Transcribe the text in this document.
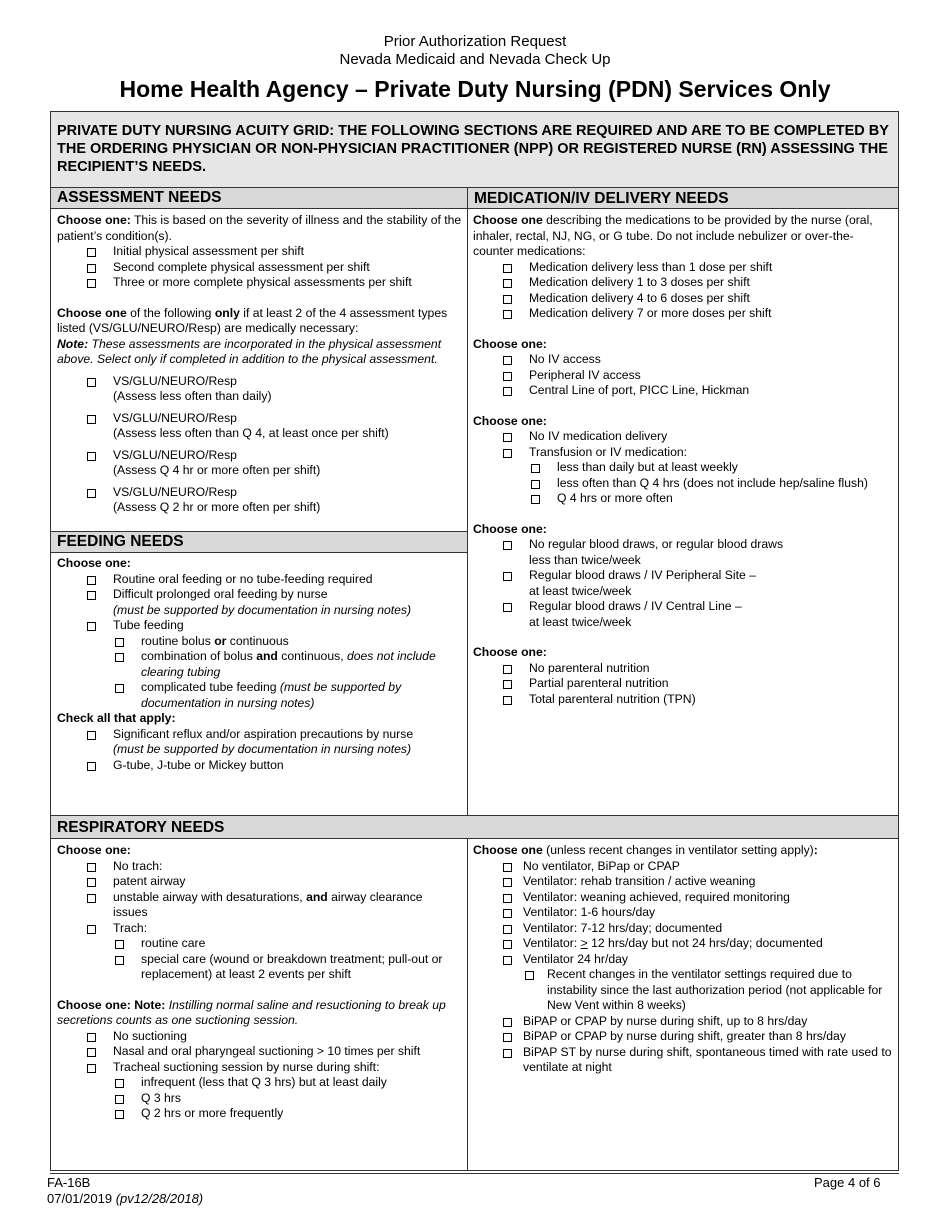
Prior Authorization Request
Nevada Medicaid and Nevada Check Up
Home Health Agency – Private Duty Nursing (PDN) Services Only
PRIVATE DUTY NURSING ACUITY GRID: THE FOLLOWING SECTIONS ARE REQUIRED AND ARE TO BE COMPLETED BY THE ORDERING PHYSICIAN OR NON-PHYSICIAN PRACTITIONER (NPP) OR REGISTERED NURSE (RN) ASSESSING THE RECIPIENT’S NEEDS.
ASSESSMENT NEEDS	MEDICATION/IV DELIVERY NEEDS
FEEDING NEEDS
RESPIRATORY NEEDS
Choose one: This is based on the severity of illness and the stability of the patient’s condition(s).
Initial physical assessment per shift
Second complete physical assessment per shift
Three or more complete physical assessments per shift
Choose one of the following only if at least 2 of the 4 assessment types listed (VS/GLU/NEURO/Resp) are medically necessary:
Note: These assessments are incorporated in the physical assessment above. Select only if completed in addition to the physical assessment.
VS/GLU/NEURO/Resp
(Assess less often than daily)
VS/GLU/NEURO/Resp
(Assess less often than Q 4, at least once per shift)
VS/GLU/NEURO/Resp
(Assess Q 4 hr or more often per shift)
VS/GLU/NEURO/Resp
(Assess Q 2 hr or more often per shift)
Choose one:
Routine oral feeding or no tube-feeding required
Difficult prolonged oral feeding by nurse
(must be supported by documentation in nursing notes)
Tube feeding
routine bolus or continuous
combination of bolus and continuous, does not include clearing tubing
complicated tube feeding (must be supported by documentation in nursing notes)
Check all that apply:
Significant reflux and/or aspiration precautions by nurse
(must be supported by documentation in nursing notes)
G-tube, J-tube or Mickey button
Choose one describing the medications to be provided by the nurse (oral, inhaler, rectal, NJ, NG, or G tube. Do not include nebulizer or over-the-counter medications:
Medication delivery less than 1 dose per shift
Medication delivery 1 to 3 doses per shift
Medication delivery 4 to 6 doses per shift
Medication delivery 7 or more doses per shift
Choose one:
No IV access
Peripheral IV access
Central Line of port, PICC Line, Hickman
Choose one:
No IV medication delivery
Transfusion or IV medication:
less than daily but at least weekly
less often than Q 4 hrs (does not include hep/saline flush)
Q 4 hrs or more often
Choose one:
No regular blood draws, or regular blood draws
less than twice/week
Regular blood draws / IV Peripheral Site –
at least twice/week
Regular blood draws / IV Central Line –
at least twice/week
Choose one:
No parenteral nutrition
Partial parenteral nutrition
Total parenteral nutrition (TPN)
Choose one:
No trach:
patent airway
unstable airway with desaturations, and airway clearance issues
Trach:
routine care
special care (wound or breakdown treatment; pull-out or replacement) at least 2 events per shift
Choose one: Note: Instilling normal saline and resuctioning to break up secretions counts as one suctioning session.
No suctioning
Nasal and oral pharyngeal suctioning > 10 times per shift
Tracheal suctioning session by nurse during shift:
infrequent (less that Q 3 hrs) but at least daily
Q 3 hrs
Q 2 hrs or more frequently
Choose one (unless recent changes in ventilator setting apply):
No ventilator, BiPap or CPAP
Ventilator: rehab transition / active weaning
Ventilator: weaning achieved, required monitoring
Ventilator: 1-6 hours/day
Ventilator: 7-12 hrs/day; documented
Ventilator: > 12 hrs/day but not 24 hrs/day; documented
Ventilator 24 hr/day
Recent changes in the ventilator settings required due to instability since the last authorization period (not applicable for New Vent within 8 weeks)
BiPAP or CPAP by nurse during shift, up to 8 hrs/day
BiPAP or CPAP by nurse during shift, greater than 8 hrs/day
BiPAP ST by nurse during shift, spontaneous timed with rate used to ventilate at night
FA-16B
07/01/2019 (pv12/28/2018)
Page 4 of 6
